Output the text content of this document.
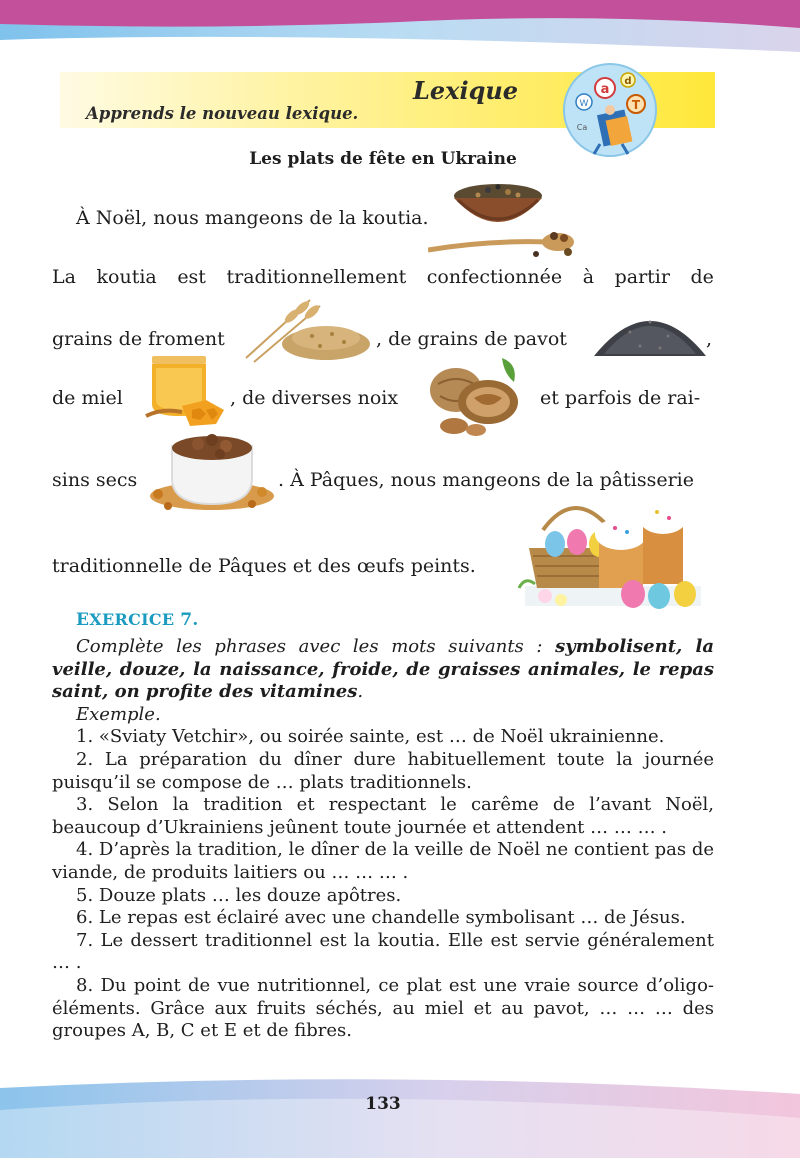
Lexique
Apprends le nouveau lexique.
a
d
T
W
Ca
Les plats de fête en Ukraine
À Noël, nous mangeons de la koutia.
La koutia est traditionnellement confectionnée à partir de
grains de froment	, de grains de pavot	,
de miel	, de diverses noix	et parfois de rai-
sins secs	. À Pâques, nous mangeons de la pâtisserie
traditionnelle de Pâques et des œufs peints.
EXERCICE 7.

Complète les phrases avec les mots suivants : symbolisent, la veille, douze, la naissance, froide, de graisses animales, le repas saint, on profite des vitamines.

Exemple.

1. «Sviaty Vetchir», ou soirée sainte, est … de Noël ukrainienne.

2. La préparation du dîner dure habituellement toute la journée puisqu’il se compose de … plats traditionnels.

3. Selon la tradition et respectant le carême de l’avant Noël, beaucoup d’Ukrainiens jeûnent toute journée et attendent … … … .

4. D’après la tradition, le dîner de la veille de Noël ne contient pas de viande, de produits laitiers ou … … … .

5. Douze plats … les douze apôtres.

6. Le repas est éclairé avec une chandelle symbolisant … de Jésus.

7. Le dessert traditionnel est la koutia. Elle est servie généralement … .

8. Du point de vue nutritionnel, ce plat est une vraie source d’oligo-éléments. Grâce aux fruits séchés, au miel et au pavot, … … … des groupes A, B, C et E et de fibres.

133
